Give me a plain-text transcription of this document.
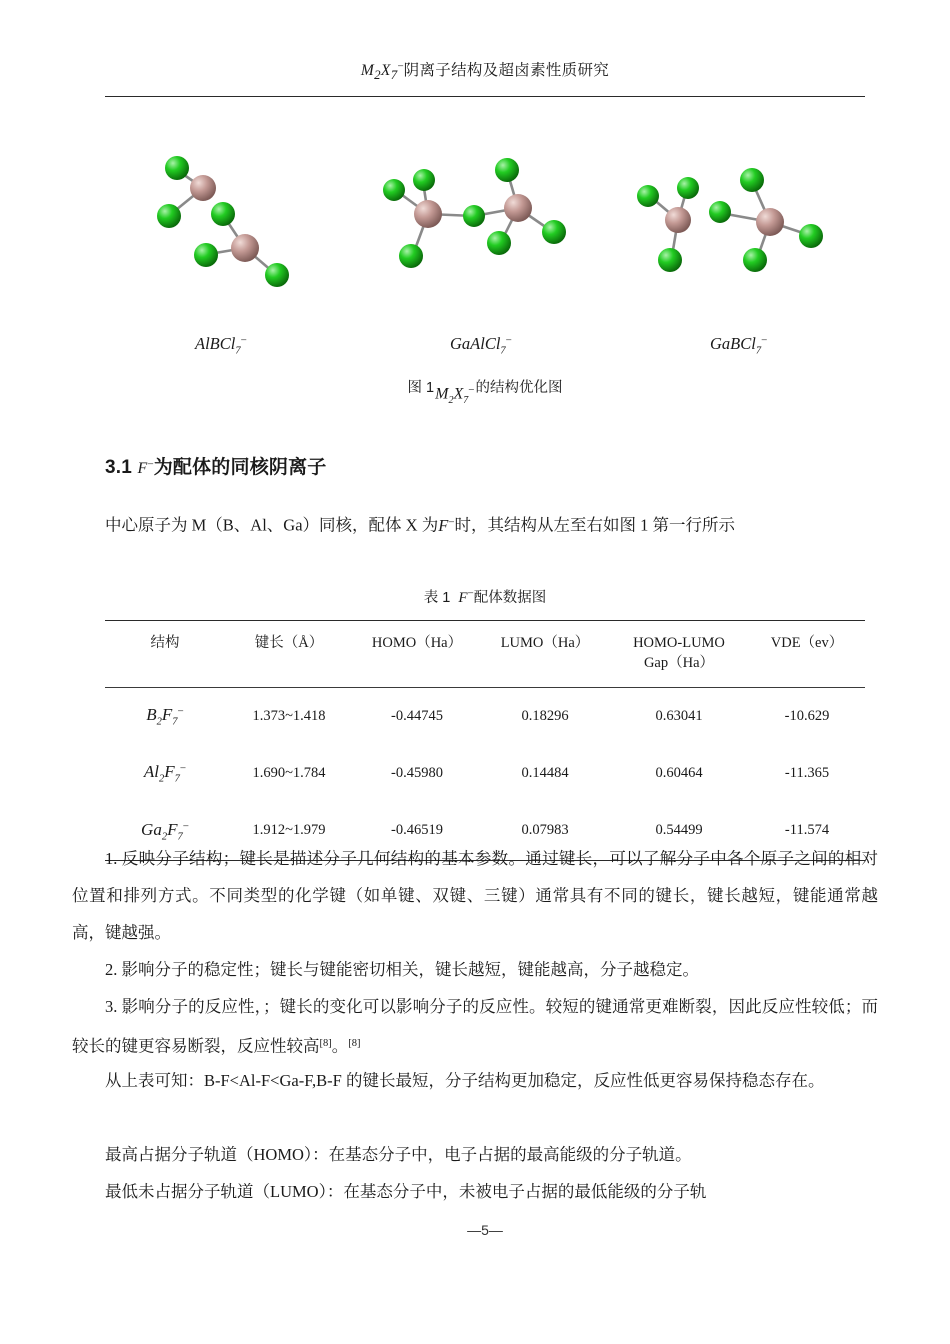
$M_2X_7^-$阴离子结构及超卤素性质研究
AlBCl$_7$−	GaAlCl$_7$−	GaBCl$_7$−
图 $1M_2X_7^-$的结构优化图
3.1 F−为配体的同核阴离子
中心原子为 M（B、Al、Ga）同核，配体 X 为F−时，其结构从左至右如图 1 第一行所示
表 1 F−配体数据图
结构	键长（Å）	HOMO（Ha）	LUMO（Ha）	HOMO-LUMO
Gap（Ha）	VDE（ev）
$B_2F_7^-$	1.373~1.418	-0.44745	0.18296	0.63041	-10.629
$Al_2F_7^-$	1.690~1.784	-0.45980	0.14484	0.60464	-11.365
$Ga_2F_7^-$	1.912~1.979	-0.46519	0.07983	0.54499	-11.574
1. 反映分子结构；键长是描述分子几何结构的基本参数。通过键长，可以了解分子中各个原子之间的相对位置和排列方式。不同类型的化学键（如单键、双键、三键）通常具有不同的键长，键长越短，键能通常越高，键越强。
2. 影响分子的稳定性；键长与键能密切相关，键长越短，键能越高，分子越稳定。
3. 影响分子的反应性，；键长的变化可以影响分子的反应性。较短的键通常更难断裂，因此反应性较低；而较长的键更容易断裂，反应性较高[8]。[8]
从上表可知：B-F<Al-F<Ga-F,B-F 的键长最短，分子结构更加稳定，反应性低更容易保持稳态存在。
最高占据分子轨道（HOMO）：在基态分子中，电子占据的最高能级的分子轨道。
最低未占据分子轨道（LUMO）：在基态分子中，未被电子占据的最低能级的分子轨
—5—
